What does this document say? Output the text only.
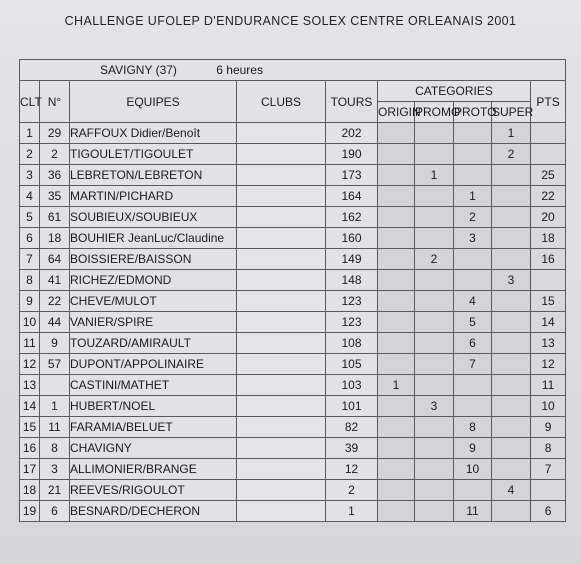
CHALLENGE UFOLEP D'ENDURANCE SOLEX CENTRE ORLEANAIS 2001
SAVIGNY (37) 6 heures									
CLT	N°	EQUIPES	CLUBS	TOURS	CATEGORIES				PTS
					ORIGIN	PROMO	PROTO	SUPER	
1	29	RAFFOUX Didier/Benoît		202				1	
2	2	TIGOULET/TIGOULET		190				2	
3	36	LEBRETON/LEBRETON		173		1			25
4	35	MARTIN/PICHARD		164			1		22
5	61	SOUBIEUX/SOUBIEUX		162			2		20
6	18	BOUHIER JeanLuc/Claudine		160			3		18
7	64	BOISSIERE/BAISSON		149		2			16
8	41	RICHEZ/EDMOND		148				3	
9	22	CHEVE/MULOT		123			4		15
10	44	VANIER/SPIRE		123			5		14
11	9	TOUZARD/AMIRAULT		108			6		13
12	57	DUPONT/APPOLINAIRE		105			7		12
13		CASTINI/MATHET		103	1				11
14	1	HUBERT/NOEL		101		3			10
15	11	FARAMIA/BELUET		82			8		9
16	8	CHAVIGNY		39			9		8
17	3	ALLIMONIER/BRANGE		12			10		7
18	21	REEVES/RIGOULOT		2				4	
19	6	BESNARD/DECHERON		1			11		6
